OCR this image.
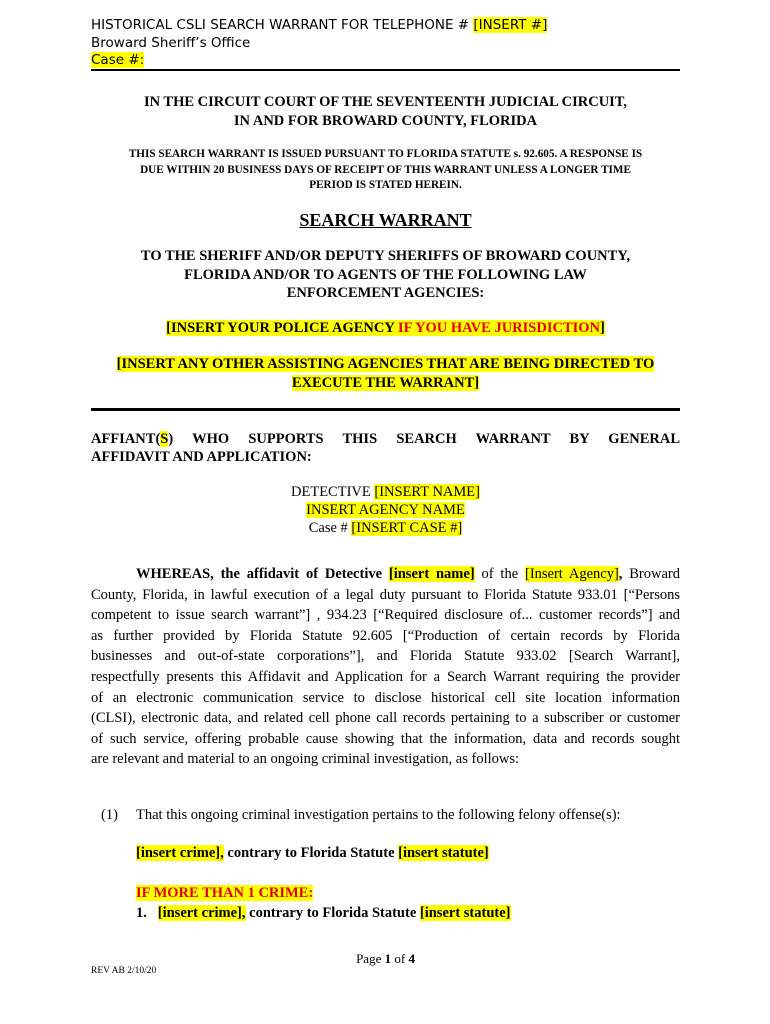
HISTORICAL CSLI SEARCH WARRANT FOR TELEPHONE # [INSERT #]
Broward Sheriff’s Office
Case #:
IN THE CIRCUIT COURT OF THE SEVENTEENTH JUDICIAL CIRCUIT,
IN AND FOR BROWARD COUNTY, FLORIDA
THIS SEARCH WARRANT IS ISSUED PURSUANT TO FLORIDA STATUTE s. 92.605. A RESPONSE IS
DUE WITHIN 20 BUSINESS DAYS OF RECEIPT OF THIS WARRANT UNLESS A LONGER TIME
PERIOD IS STATED HEREIN.
SEARCH WARRANT
TO THE SHERIFF AND/OR DEPUTY SHERIFFS OF BROWARD COUNTY,
FLORIDA AND/OR TO AGENTS OF THE FOLLOWING LAW
ENFORCEMENT AGENCIES:
[INSERT YOUR POLICE AGENCY IF YOU HAVE JURISDICTION]
[INSERT ANY OTHER ASSISTING AGENCIES THAT ARE BEING DIRECTED TO
EXECUTE THE WARRANT]
AFFIANT(S) WHO SUPPORTS THIS SEARCH WARRANT BY GENERAL
AFFIDAVIT AND APPLICATION:
DETECTIVE [INSERT NAME]
INSERT AGENCY NAME
Case # [INSERT CASE #]
WHEREAS, the affidavit of Detective [insert name] of the [Insert Agency], Broward
County, Florida, in lawful execution of a legal duty pursuant to Florida Statute 933.01 [“Persons
competent to issue search warrant”] , 934.23 [“Required disclosure of... customer records”] and
as further provided by Florida Statute 92.605 [“Production of certain records by Florida
businesses and out-of-state corporations”], and Florida Statute 933.02 [Search Warrant],
respectfully presents this Affidavit and Application for a Search Warrant requiring the provider
of an electronic communication service to disclose historical cell site location information
(CLSI), electronic data, and related cell phone call records pertaining to a subscriber or customer
of such service, offering probable cause showing that the information, data and records sought
are relevant and material to an ongoing criminal investigation, as follows:
(1) That this ongoing criminal investigation pertains to the following felony offense(s):
[insert crime], contrary to Florida Statute [insert statute]
IF MORE THAN 1 CRIME:
1. [insert crime], contrary to Florida Statute [insert statute]
Page 1 of 4
REV AB 2/10/20
